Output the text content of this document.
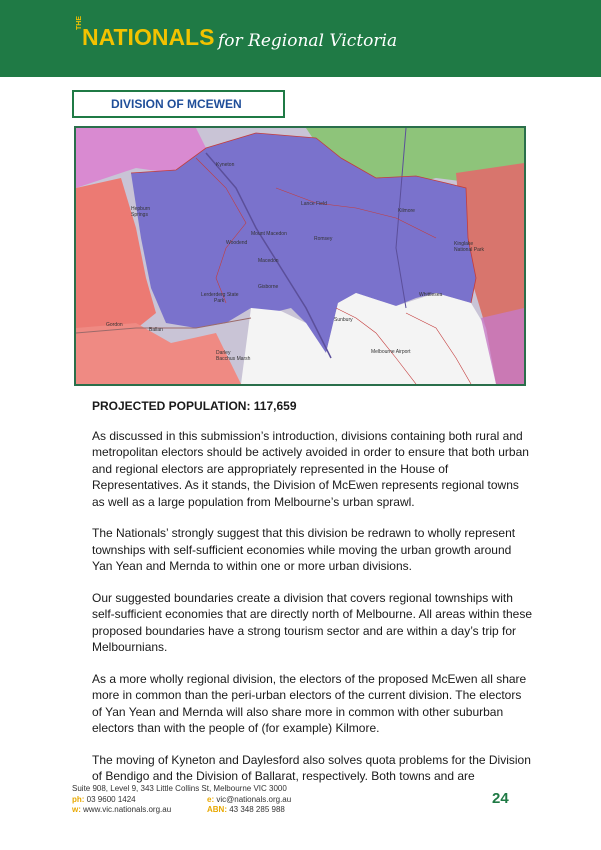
THE
NATIONALS for Regional Victoria
DIVISION OF MCEWEN
Kyneton
Hepburn
Springs
Lance Field
Kilmore
Woodend
Romsey
Mount Macedon
Macedon
Gisborne
Kinglake
National Park
Lerderderg State
Park
Sunbury
Whittlesea
Gordon
Ballan
Darley
Bacchus Marsh
Melbourne Airport
PROJECTED POPULATION: 117,659

As discussed in this submission’s introduction, divisions containing both rural and metropolitan electors should be actively avoided in order to ensure that both urban and regional electors are appropriately represented in the House of Representatives. As it stands, the Division of McEwen represents regional towns as well as a large population from Melbourne’s urban sprawl.

The Nationals’ strongly suggest that this division be redrawn to wholly represent townships with self-sufficient economies while moving the urban growth around Yan Yean and Mernda to within one or more urban divisions.

Our suggested boundaries create a division that covers regional townships with self-sufficient economies that are directly north of Melbourne. All areas within these proposed boundaries have a strong tourism sector and are within a day’s trip for Melbournians.

As a more wholly regional division, the electors of the proposed McEwen all share more in common than the peri-urban electors of the current division. The electors of Yan Yean and Mernda will also share more in common with other suburban electors than with the people of (for example) Kilmore.

The moving of Kyneton and Daylesford also solves quota problems for the Division of Bendigo and the Division of Ballarat, respectively. Both towns and are

Suite 908, Level 9, 343 Little Collins St, Melbourne VIC 3000
ph: 03 9600 1424	e: vic@nationals.org.au
w: www.vic.nationals.org.au	ABN: 43 348 285 988
24
